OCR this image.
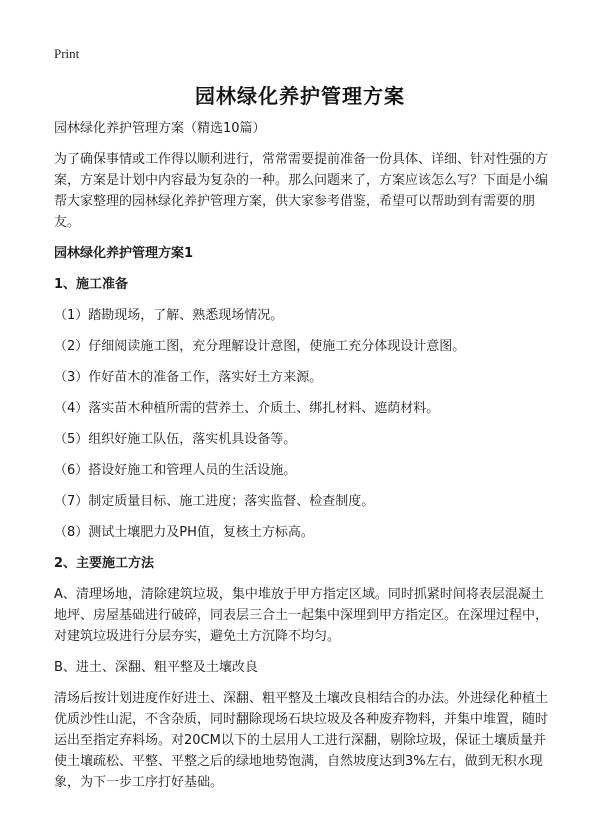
Print
园林绿化养护管理方案

园林绿化养护管理方案（精选10篇）

为了确保事情或工作得以顺利进行，常常需要提前准备一份具体、详细、针对性强的方案，方案是计划中内容最为复杂的一种。那么问题来了，方案应该怎么写？下面是小编帮大家整理的园林绿化养护管理方案，供大家参考借鉴，希望可以帮助到有需要的朋友。

园林绿化养护管理方案1

1、施工准备

（1）踏勘现场，了解、熟悉现场情况。

（2）仔细阅读施工图，充分理解设计意图，使施工充分体现设计意图。

（3）作好苗木的准备工作，落实好土方来源。

（4）落实苗木种植所需的营养土、介质土、绑扎材料、遮荫材料。

（5）组织好施工队伍，落实机具设备等。

（6）搭设好施工和管理人员的生活设施。

（7）制定质量目标、施工进度；落实监督、检查制度。

（8）测试土壤肥力及PH值，复核土方标高。

2、主要施工方法

A、清理场地，清除建筑垃圾，集中堆放于甲方指定区域。同时抓紧时间将表层混凝土地坪、房屋基础进行破碎，同表层三合土一起集中深埋到甲方指定区。在深埋过程中，对建筑垃圾进行分层夯实，避免土方沉降不均匀。

B、进土、深翻、粗平整及土壤改良

清场后按计划进度作好进土、深翻、粗平整及土壤改良相结合的办法。外进绿化种植土优质沙性山泥，不含杂质，同时翻除现场石块垃圾及各种废弃物料，并集中堆置，随时运出至指定弃料场。对20CM以下的土层用人工进行深翻，剔除垃圾，保证土壤质量并使土壤疏松、平整、平整之后的绿地地势饱满，自然坡度达到3%左右，做到无积水现象，为下一步工序打好基础。
